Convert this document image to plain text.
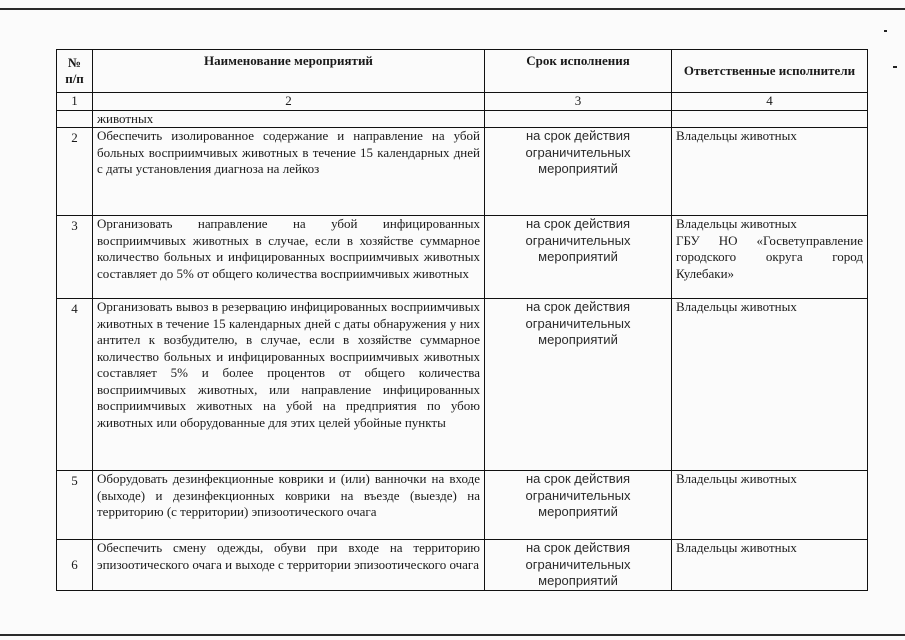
№ п/п	Наименование мероприятий	Срок исполнения	Ответственные исполнители
1	2	3	4
	животных		
2	Обеспечить изолированное содержание и направление на убой больных восприимчивых животных в течение 15 календарных дней с даты установления диагноза на лейкоз	на срок действия ограничительных мероприятий	Владельцы животных
3	Организовать направление на убой инфицированных восприимчивых животных в случае, если в хозяйстве суммарное количество больных и инфицированных восприимчивых животных составляет до 5% от общего количества восприимчивых животных	на срок действия ограничительных мероприятий	Владельцы животных
ГБУ НО «Госветуправление городского округа город Кулебаки»

4	Организовать вывоз в резервацию инфицированных восприимчивых животных в течение 15 календарных дней с даты обнаружения у них антител к возбудителю, в случае, если в хозяйстве суммарное количество больных и инфицированных восприимчивых животных составляет 5% и более процентов от общего количества восприимчивых животных, или направление инфицированных восприимчивых животных на убой на предприятия по убою животных или оборудованные для этих целей убойные пункты	на срок действия ограничительных мероприятий	Владельцы животных
5	Оборудовать дезинфекционные коврики и (или) ванночки на входе (выходе) и дезинфекционных коврики на въезде (выезде) на территорию (с территории) эпизоотического очага	на срок действия ограничительных мероприятий	Владельцы животных
6	Обеспечить смену одежды, обуви при входе на территорию эпизоотического очага и выходе с территории эпизоотического очага	на срок действия ограничительных мероприятий	Владельцы животных
